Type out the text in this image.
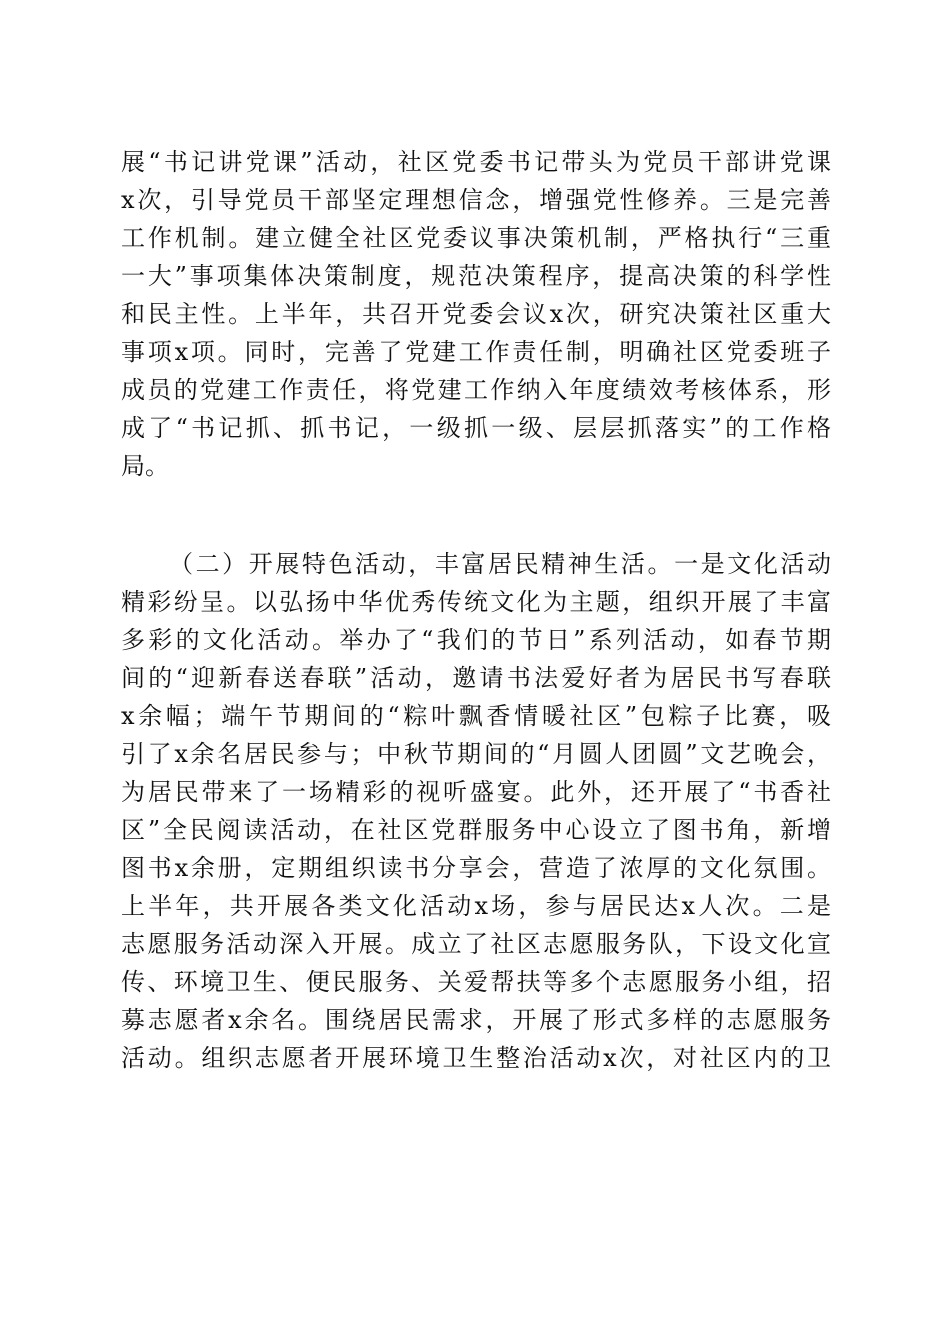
展“书记讲党课”活动，社区党委书记带头为党员干部讲党课
x次，引导党员干部坚定理想信念，增强党性修养。三是完善
工作机制。建立健全社区党委议事决策机制，严格执行“三重
一大”事项集体决策制度，规范决策程序，提高决策的科学性
和民主性。上半年，共召开党委会议x次，研究决策社区重大
事项x项。同时，完善了党建工作责任制，明确社区党委班子
成员的党建工作责任，将党建工作纳入年度绩效考核体系，形
成了“书记抓、抓书记，一级抓一级、层层抓落实”的工作格
局。
（二）开展特色活动，丰富居民精神生活。一是文化活动
精彩纷呈。以弘扬中华优秀传统文化为主题，组织开展了丰富
多彩的文化活动。举办了“我们的节日”系列活动，如春节期
间的“迎新春送春联”活动，邀请书法爱好者为居民书写春联
x余幅；端午节期间的“粽叶飘香情暖社区”包粽子比赛，吸
引了x余名居民参与；中秋节期间的“月圆人团圆”文艺晚会，
为居民带来了一场精彩的视听盛宴。此外，还开展了“书香社
区”全民阅读活动，在社区党群服务中心设立了图书角，新增
图书x余册，定期组织读书分享会，营造了浓厚的文化氛围。
上半年，共开展各类文化活动x场，参与居民达x人次。二是
志愿服务活动深入开展。成立了社区志愿服务队，下设文化宣
传、环境卫生、便民服务、关爱帮扶等多个志愿服务小组，招
募志愿者x余名。围绕居民需求，开展了形式多样的志愿服务
活动。组织志愿者开展环境卫生整治活动x次，对社区内的卫
